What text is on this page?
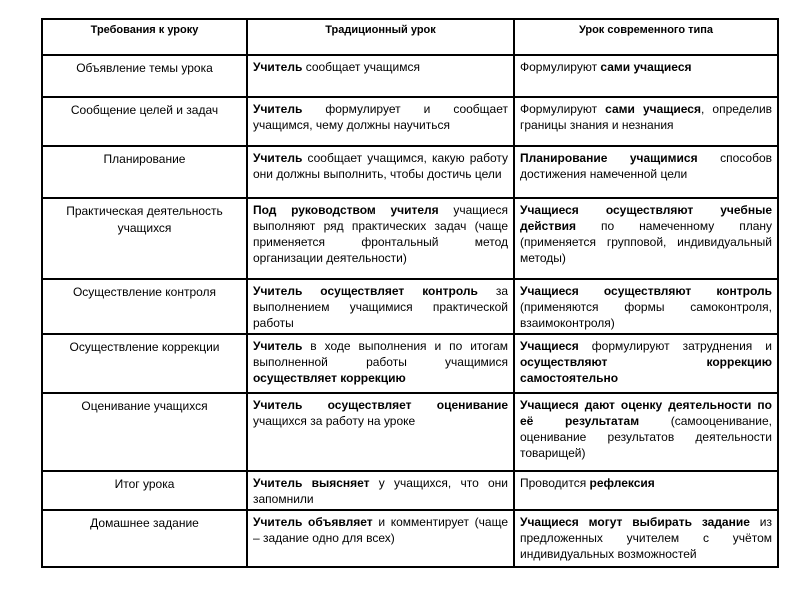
Требования к уроку	Традиционный урок	Урок современного типа
Объявление темы урока	Учитель сообщает учащимся	Формулируют сами учащиеся
Сообщение целей и задач	Учитель формулирует и сообщает учащимся, чему должны научиться	Формулируют сами учащиеся, определив границы знания и незнания
Планирование	Учитель сообщает учащимся, какую работу они должны выполнить, чтобы достичь цели	Планирование учащимися способов достижения намеченной цели
Практическая деятельность учащихся	Под руководством учителя учащиеся выполняют ряд практических задач (чаще применяется фронтальный метод организации деятельности)	Учащиеся осуществляют учебные действия по намеченному плану (применяется групповой, индивидуальный методы)
Осуществление контроля	Учитель осуществляет контроль за выполнением учащимися практической работы	Учащиеся осуществляют контроль (применяются формы самоконтроля, взаимоконтроля)
Осуществление коррекции	Учитель в ходе выполнения и по итогам выполненной работы учащимися осуществляет коррекцию	Учащиеся формулируют затруднения и осуществляют коррекцию самостоятельно
Оценивание учащихся	Учитель осуществляет оценивание учащихся за работу на уроке	Учащиеся дают оценку деятельности по её результатам (самооценивание, оценивание результатов деятельности товарищей)
Итог урока	Учитель выясняет у учащихся, что они запомнили	Проводится рефлексия
Домашнее задание	Учитель объявляет и комментирует (чаще – задание одно для всех)	Учащиеся могут выбирать задание из предложенных учителем с учётом индивидуальных возможностей
